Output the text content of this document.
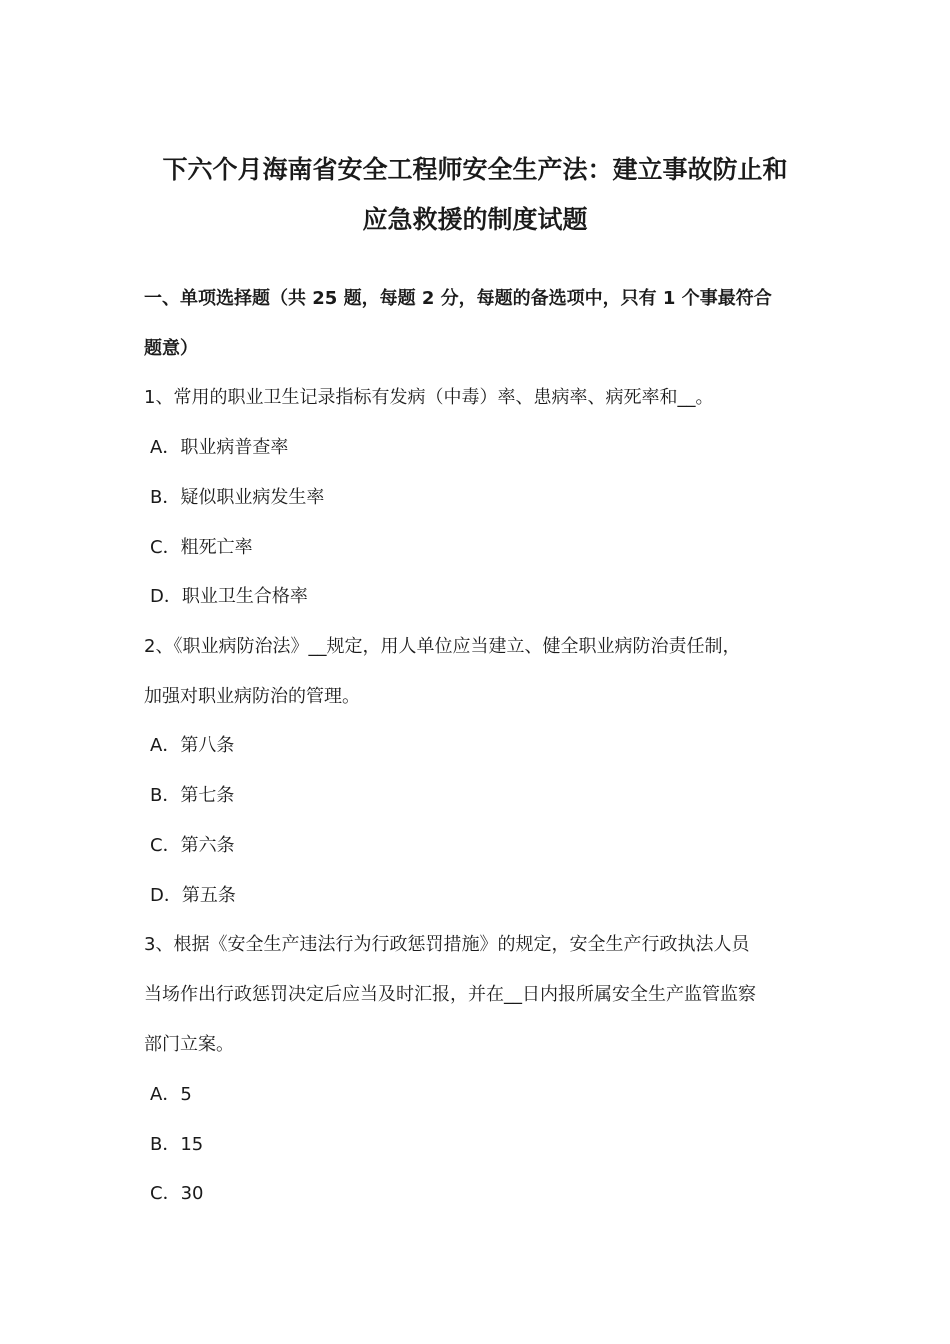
下六个月海南省安全工程师安全生产法：建立事故防止和
应急救援的制度试题
一、单项选择题（共 25 题，每题 2 分，每题的备选项中，只有 1 个事最符合
题意）
1、常用的职业卫生记录指标有发病（中毒）率、患病率、病死率和__。
A．职业病普查率
B．疑似职业病发生率
C．粗死亡率
D．职业卫生合格率
2、《职业病防治法》__规定，用人单位应当建立、健全职业病防治责任制，
加强对职业病防治的管理。
A．第八条
B．第七条
C．第六条
D．第五条
3、根据《安全生产违法行为行政惩罚措施》的规定，安全生产行政执法人员
当场作出行政惩罚决定后应当及时汇报，并在__日内报所属安全生产监管监察
部门立案。
A．5
B．15
C．30
